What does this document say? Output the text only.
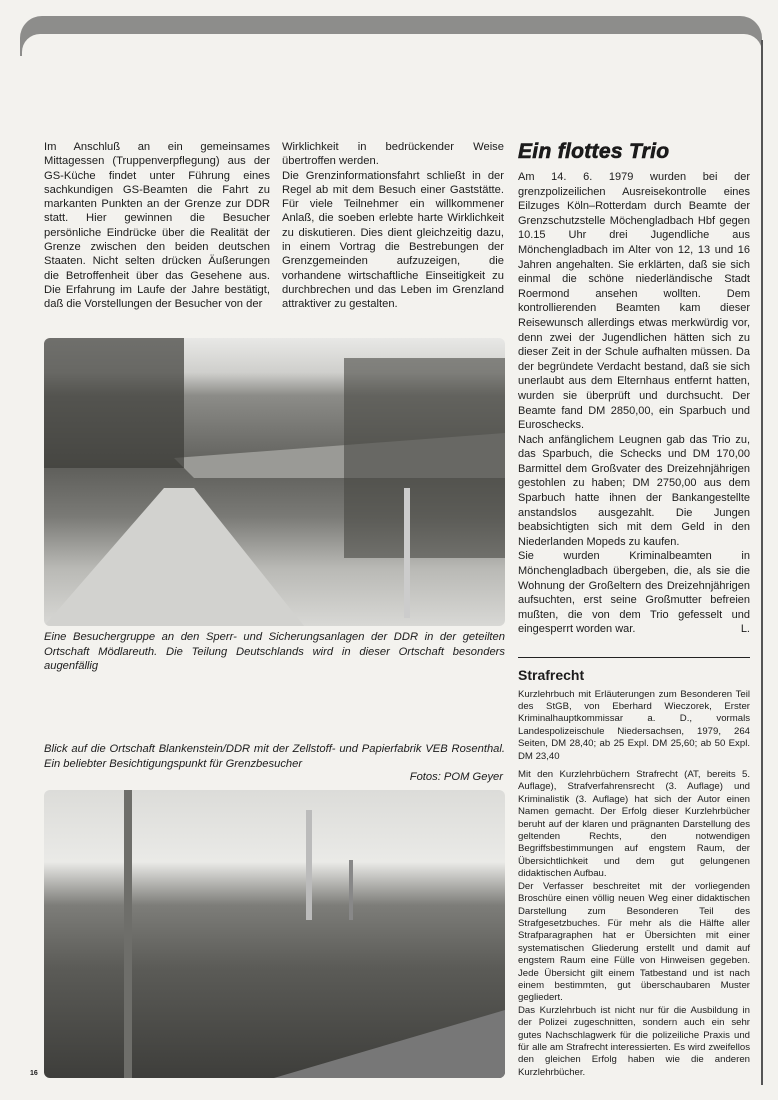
Im Anschluß an ein gemeinsames Mittagessen (Truppenverpflegung) aus der GS-Küche findet unter Führung eines sachkundigen GS-Beamten die Fahrt zu markanten Punkten an der Grenze zur DDR statt. Hier gewinnen die Besucher persönliche Eindrücke über die Realität der Grenze zwischen den beiden deutschen Staaten. Nicht selten drücken Äußerungen die Betroffenheit über das Gesehene aus. Die Erfahrung im Laufe der Jahre bestätigt, daß die Vorstellungen der Besucher von der

Wirklichkeit in bedrückender Weise übertroffen werden.

Die Grenzinformationsfahrt schließt in der Regel ab mit dem Besuch einer Gaststätte. Für viele Teilnehmer ein willkommener Anlaß, die soeben erlebte harte Wirklichkeit zu diskutieren. Dies dient gleichzeitig dazu, in einem Vortrag die Bestrebungen der Grenzgemeinden aufzuzeigen, die vorhandene wirtschaftliche Einseitigkeit zu durchbrechen und das Leben im Grenzland attraktiver zu gestalten.

Ein flottes Trio

Am 14. 6. 1979 wurden bei der grenzpolizeilichen Ausreisekontrolle eines Eilzuges Köln–Rotterdam durch Beamte der Grenzschutzstelle Möchengladbach Hbf gegen 10.15 Uhr drei Jugendliche aus Mönchengladbach im Alter von 12, 13 und 16 Jahren angehalten. Sie erklärten, daß sie sich einmal die schöne niederländische Stadt Roermond ansehen wollten. Dem kontrollierenden Beamten kam dieser Reisewunsch allerdings etwas merkwürdig vor, denn zwei der Jugendlichen hätten sich zu dieser Zeit in der Schule aufhalten müssen. Da der begründete Verdacht bestand, daß sie sich unerlaubt aus dem Elternhaus entfernt hatten, wurden sie überprüft und durchsucht. Der Beamte fand DM 2850,00, ein Sparbuch und Euroschecks.

Nach anfänglichem Leugnen gab das Trio zu, das Sparbuch, die Schecks und DM 170,00 Barmittel dem Großvater des Dreizehnjährigen gestohlen zu haben; DM 2750,00 aus dem Sparbuch hatte ihnen der Bankangestellte anstandslos ausgezahlt. Die Jungen beabsichtigten sich mit dem Geld in den Niederlanden Mopeds zu kaufen.

Sie wurden Kriminalbeamten in Mönchengladbach übergeben, die, als sie die Wohnung der Großeltern des Dreizehnjährigen aufsuchten, erst seine Großmutter befreien mußten, die von dem Trio gefesselt und eingesperrt worden war.	L.

Strafrecht

Kurzlehrbuch mit Erläuterungen zum Besonderen Teil des StGB, von Eberhard Wieczorek, Erster Kriminalhauptkommissar a. D., vormals Landespolizeischule Niedersachsen, 1979, 264 Seiten, DM 28,40; ab 25 Expl. DM 25,60; ab 50 Expl. DM 23,40

Mit den Kurzlehrbüchern Strafrecht (AT, bereits 5. Auflage), Strafverfahrensrecht (3. Auflage) und Kriminalistik (3. Auflage) hat sich der Autor einen Namen gemacht. Der Erfolg dieser Kurzlehrbücher beruht auf der klaren und prägnanten Darstellung des geltenden Rechts, den notwendigen Begriffsbestimmungen auf engstem Raum, der Übersichtlichkeit und dem gut gelungenen didaktischen Aufbau.

Der Verfasser beschreitet mit der vorliegenden Broschüre einen völlig neuen Weg einer didaktischen Darstellung zum Besonderen Teil des Strafgesetzbuches. Für mehr als die Hälfte aller Strafparagraphen hat er Übersichten mit einer systematischen Gliederung erstellt und damit auf engstem Raum eine Fülle von Hinweisen gegeben. Jede Übersicht gilt einem Tatbestand und ist nach einem bestimmten, gut überschaubaren Muster gegliedert.

Das Kurzlehrbuch ist nicht nur für die Ausbildung in der Polizei zugeschnitten, sondern auch ein sehr gutes Nachschlagwerk für die polizeiliche Praxis und für alle am Strafrecht interessierten. Es wird zweifellos den gleichen Erfolg haben wie die anderen Kurzlehrbücher.

Eine Besuchergruppe an den Sperr- und Sicherungsanlagen der DDR in der geteilten Ortschaft Mödlareuth. Die Teilung Deutschlands wird in dieser Ortschaft besonders augenfällig
Blick auf die Ortschaft Blankenstein/DDR mit der Zellstoff- und Papierfabrik VEB Rosenthal. Ein beliebter Besichtigungspunkt für Grenzbesucher
Fotos: POM Geyer
16
